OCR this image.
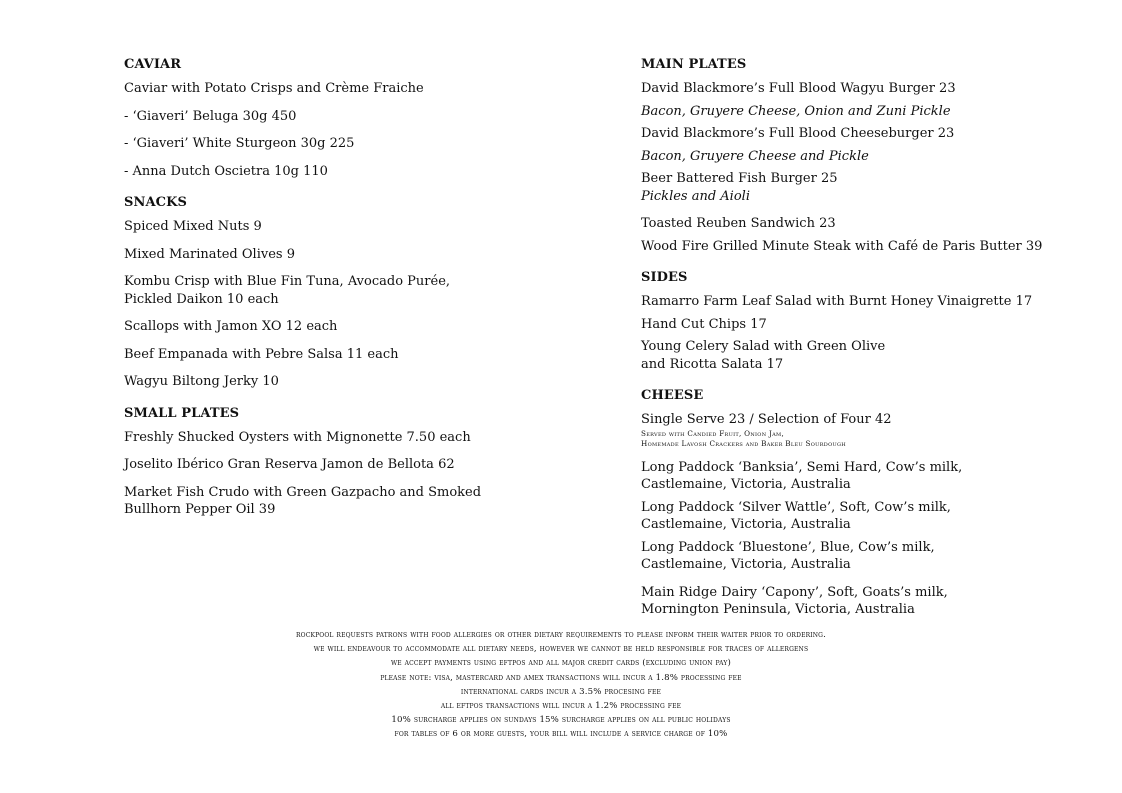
CAVIAR
Caviar with Potato Crisps and Crème Fraiche
- ‘Giaveri’ Beluga 30g 450
- ‘Giaveri’ White Sturgeon 30g 225
- Anna Dutch Oscietra 10g 110
SNACKS
Spiced Mixed Nuts 9
Mixed Marinated Olives 9
Kombu Crisp with Blue Fin Tuna, Avocado Purée,
Pickled Daikon 10 each
Scallops with Jamon XO 12 each
Beef Empanada with Pebre Salsa 11 each
Wagyu Biltong Jerky 10
SMALL PLATES
Freshly Shucked Oysters with Mignonette 7.50 each
Joselito Ibérico Gran Reserva Jamon de Bellota 62
Market Fish Crudo with Green Gazpacho and Smoked
Bullhorn Pepper Oil 39
MAIN PLATES
David Blackmore’s Full Blood Wagyu Burger 23
Bacon, Gruyere Cheese, Onion and Zuni Pickle
David Blackmore’s Full Blood Cheeseburger 23
Bacon, Gruyere Cheese and Pickle
Beer Battered Fish Burger 25
Pickles and Aioli
Toasted Reuben Sandwich 23
Wood Fire Grilled Minute Steak with Café de Paris Butter 39
SIDES
Ramarro Farm Leaf Salad with Burnt Honey Vinaigrette 17
Hand Cut Chips 17
Young Celery Salad with Green Olive
and Ricotta Salata 17
CHEESE
Single Serve 23 / Selection of Four 42
Served with Candied Fruit, Onion Jam,
Homemade Lavosh Crackers and Baker Bleu Sourdough
Long Paddock ‘Banksia’, Semi Hard, Cow’s milk,
Castlemaine, Victoria, Australia
Long Paddock ‘Silver Wattle’, Soft, Cow’s milk,
Castlemaine, Victoria, Australia
Long Paddock ‘Bluestone’, Blue, Cow’s milk,
Castlemaine, Victoria, Australia
Main Ridge Dairy ‘Capony’, Soft, Goats’s milk,
Mornington Peninsula, Victoria, Australia
rockpool requests patrons with food allergies or other dietary requirements to please inform their waiter prior to ordering.
we will endeavour to accommodate all dietary needs, however we cannot be held responsible for traces of allergens
we accept payments using eftpos and all major credit cards (excluding union pay)
please note: visa, mastercard and amex transactions will incur a 1.8% processing fee
international cards incur a 3.5% procesing fee
all eftpos transactions will incur a 1.2% processing fee
10% surcharge applies on sundays 15% surcharge applies on all public holidays
for tables of 6 or more guests, your bill will include a service charge of 10%
